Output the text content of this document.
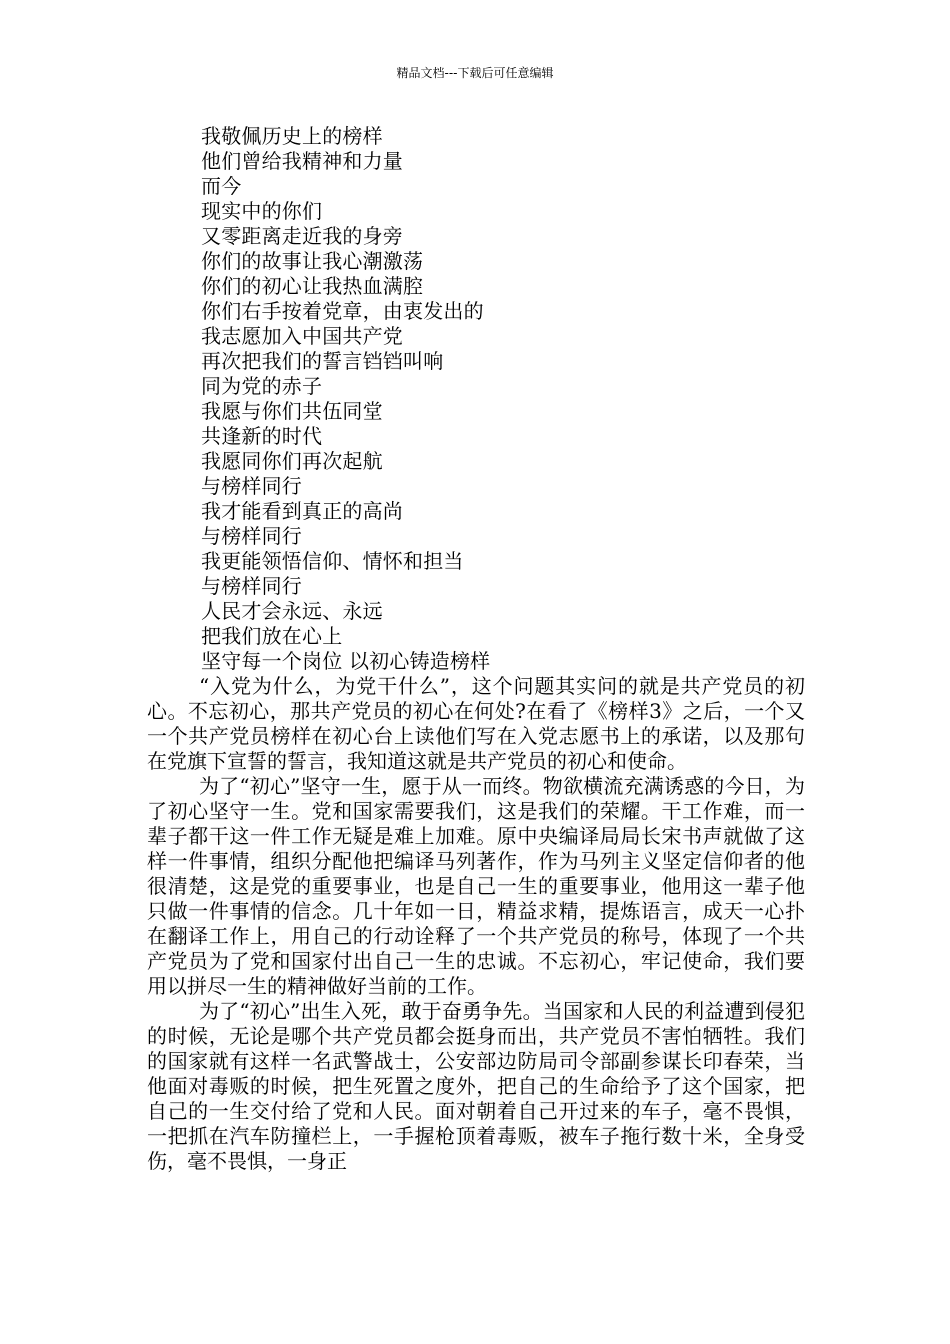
精品文档---下载后可任意编辑
我敬佩历史上的榜样
他们曾给我精神和力量
而今
现实中的你们
又零距离走近我的身旁
你们的故事让我心潮激荡
你们的初心让我热血满腔
你们右手按着党章，由衷发出的
我志愿加入中国共产党
再次把我们的誓言铛铛叫响
同为党的赤子
我愿与你们共伍同堂
共逢新的时代
我愿同你们再次起航
与榜样同行
我才能看到真正的高尚
与榜样同行
我更能领悟信仰、情怀和担当
与榜样同行
人民才会永远、永远
把我们放在心上
坚守每一个岗位 以初心铸造榜样

“入党为什么，为党干什么”，这个问题其实问的就是共产党员的初心。不忘初心，那共产党员的初心在何处?在看了《榜样3》之后，一个又一个共产党员榜样在初心台上读他们写在入党志愿书上的承诺，以及那句在党旗下宣誓的誓言，我知道这就是共产党员的初心和使命。

为了“初心”坚守一生，愿于从一而终。物欲横流充满诱惑的今日，为了初心坚守一生。党和国家需要我们，这是我们的荣耀。干工作难，而一辈子都干这一件工作无疑是难上加难。原中央编译局局长宋书声就做了这样一件事情，组织分配他把编译马列著作，作为马列主义坚定信仰者的他很清楚，这是党的重要事业，也是自己一生的重要事业，他用这一辈子他只做一件事情的信念。几十年如一日，精益求精，提炼语言，成天一心扑在翻译工作上，用自己的行动诠释了一个共产党员的称号，体现了一个共产党员为了党和国家付出自己一生的忠诚。不忘初心，牢记使命，我们要用以拼尽一生的精神做好当前的工作。

为了“初心”出生入死，敢于奋勇争先。当国家和人民的利益遭到侵犯的时候，无论是哪个共产党员都会挺身而出，共产党员不害怕牺牲。我们的国家就有这样一名武警战士，公安部边防局司令部副参谋长印春荣，当他面对毒贩的时候，把生死置之度外，把自己的生命给予了这个国家，把自己的一生交付给了党和人民。面对朝着自己开过来的车子，毫不畏惧，一把抓在汽车防撞栏上，一手握枪顶着毒贩，被车子拖行数十米，全身受伤，毫不畏惧，一身正
